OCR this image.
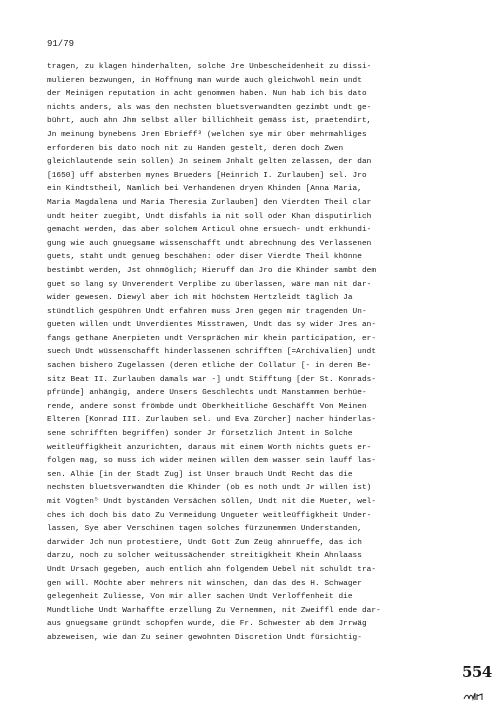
91/79
tragen, zu klagen hinderhalten, solche Jre Unbescheidenheit zu dissi-
mulieren bezwungen, in Hoffnung man wurde auch gleichwohl mein undt
der Meinigen reputation in acht genommen haben. Nun hab ich bis dato
nichts anders, als was den nechsten bluetsverwandten gezimbt undt ge-
bührt, auch ahn Jhm selbst aller billichheit gemäss ist, praetendirt,
Jn meinung bynebens Jren Ebrieff³ (welchen sye mir über mehrmahliges
erforderen bis dato noch nit zu Handen gestelt, deren doch Zwen
gleichlautende sein sollen) Jn seinem Jnhalt gelten zelassen, der dan
[1650] uff absterben mynes Brueders [Heinrich I. Zurlauben] sel. Jro
ein Kindtstheil, Namlich bei Verhandenen dryen Khinden [Anna Maria,
Maria Magdalena und Maria Theresia Zurlauben] den Vierdten Theil clar
undt heiter zuegibt, Undt disfahls ia nit soll oder Khan disputirlich
gemacht werden, das aber solchem Articul ohne ersuech- undt erkhundi-
gung wie auch gnuegsame wissenschafft undt abrechnung des Verlassenen
guets, staht undt genueg beschähen: oder diser Vierdte Theil khönne
bestimbt werden, Jst ohnmöglich; Hieruff dan Jro die Khinder sambt dem
guet so lang sy Unverendert Verplibe zu überlassen, wäre man nit dar-
wider gewesen. Diewyl aber ich mit höchstem Hertzleidt täglich Ja
stündtlich gespühren Undt erfahren muss Jren gegen mir tragenden Un-
gueten willen undt Unverdientes Misstrawen, Undt das sy wider Jres an-
fangs gethane Anerpieten undt Versprächen mir khein participation, er-
suech Undt wüssenschafft hinderlassenen schrifften [=Archivalien] undt
sachen bishero Zugelassen (deren etliche der Collatur [- in deren Be-
sitz Beat II. Zurlauben damals war -] undt Stifftung [der St. Konrads-
pfründe] anhängig, andere Unsers Geschlechts undt Manstammen berhüe-
rende, andere sonst frömbde undt Oberkheitliche Geschäfft Von Meinen
Elteren [Konrad III. Zurlauben sel. und Eva Zürcher] nacher hinderlas-
sene schrifften begriffen) sonder Jr fürsetzlich Jntent in Solche
weitleüffigkheit anzurichten, daraus mit einem Worth nichts guets er-
folgen mag, so muss ich wider meinen willen dem wasser sein lauff las-
sen. Alhie [in der Stadt Zug] ist Unser brauch Undt Recht das die
nechsten bluetsverwandten die Khinder (ob es noth undt Jr willen ist)
mit Vögten⁵ Undt byständen Versächen söllen, Undt nit die Mueter, wel-
ches ich doch bis dato Zu Vermeidung Ungueter weitleüffigkheit Under-
lassen, Sye aber Verschinen tagen solches fürzunemmen Understanden,
darwider Jch nun protestiere, Undt Gott Zum Zeüg ahnrueffe, das ich
darzu, noch zu solcher weitussächender streitigkheit Khein Ahnlaass
Undt Ursach gegeben, auch entlich ahn folgendem Uebel nit schuldt tra-
gen will. Möchte aber mehrers nit winschen, dan das des H. Schwager
gelegenheit Zuliesse, Von mir aller sachen Undt Verloffenheit die
Mundtliche Undt Warhaffte erzellung Zu Vernemmen, nit Zweiffl ende dar-
aus gnuegsame gründt schopfen wurde, die Fr. Schwester ab dem Jrrwäg
abzeweisen, wie dan Zu seiner gewohnten Discretion Undt fürsichtig-
554
